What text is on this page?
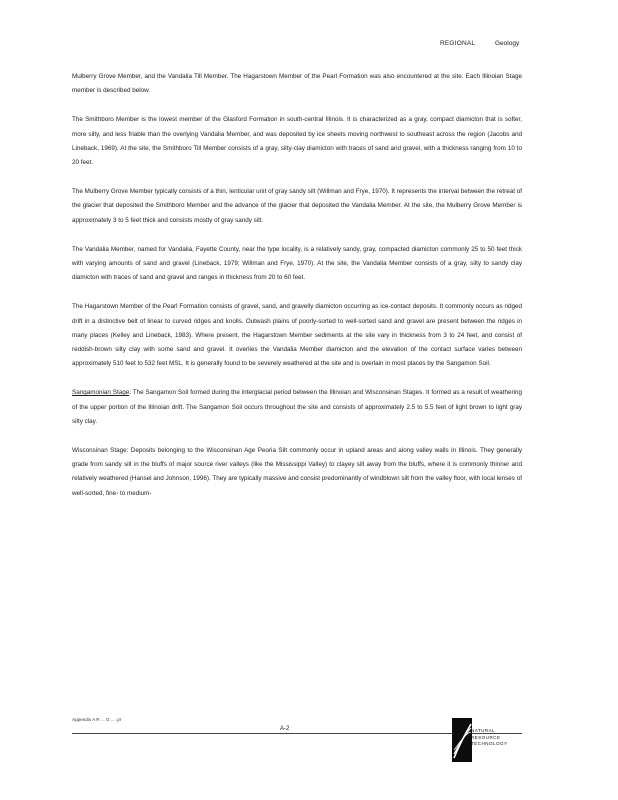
REGIONAL	Geology

Mulberry Grove Member, and the Vandalia Till Member. The Hagarstown Member of the Pearl Formation was also encountered at the site. Each Illinoian Stage member is described below.

The Smithboro Member is the lowest member of the Glasford Formation in south-central Illinois. It is characterized as a gray, compact diamicton that is softer, more silty, and less friable than the overlying Vandalia Member, and was deposited by ice sheets moving northwest to southeast across the region (Jacobs and Lineback, 1969). At the site, the Smithboro Till Member consists of a gray, silty-clay diamicton with traces of sand and gravel, with a thickness ranging from 10 to 20 feet.

The Mulberry Grove Member typically consists of a thin, lenticular unit of gray sandy silt (Willman and Frye, 1970). It represents the interval between the retreat of the glacier that deposited the Smithboro Member and the advance of the glacier that deposited the Vandalia Member. At the site, the Mulberry Grove Member is approximately 3 to 5 feet thick and consists mostly of gray sandy silt.

The Vandalia Member, named for Vandalia, Fayette County, near the type locality, is a relatively sandy, gray, compacted diamicton commonly 25 to 50 feet thick with varying amounts of sand and gravel (Lineback, 1979; Willman and Frye, 1970). At the site, the Vandalia Member consists of a gray, silty to sandy clay diamicton with traces of sand and gravel and ranges in thickness from 20 to 60 feet.

The Hagarstown Member of the Pearl Formation consists of gravel, sand, and gravelly diamicton occurring as ice-contact deposits. It commonly occurs as ridged drift in a distinctive belt of linear to curved ridges and knolls. Outwash plains of poorly-sorted to well-sorted sand and gravel are present between the ridges in many places (Kelley and Lineback, 1983). Where present, the Hagarstown Member sediments at the site vary in thickness from 3 to 24 feet, and consist of reddish-brown silty clay with some sand and gravel. It overlies the Vandalia Member diamicton and the elevation of the contact surface varies between approximately 510 feet to 532 feet MSL. It is generally found to be severely weathered at the site and is overlain in most places by the Sangamon Soil.

Sangamonian Stage: The Sangamon Soil formed during the interglacial period between the Illinoian and Wisconsinan Stages. It formed as a result of weathering of the upper portion of the Illinoian drift. The Sangamon Soil occurs throughout the site and consists of approximately 2.5 to 5.5 feet of light brown to light gray silty clay.

Wisconsinan Stage: Deposits belonging to the Wisconsinan Age Peoria Silt commonly occur in upland areas and along valley walls in Illinois. They generally grade from sandy silt in the bluffs of major source river valleys (like the Mississippi Valley) to clayey silt away from the bluffs, where it is commonly thinner and relatively weathered (Hansel and Johnson, 1996). They are typically massive and consist predominantly of windblown silt from the valley floor, with local lenses of well-sorted, fine- to medium-

Appendix A R ... G ... .pr
A-2	NATURAL
RESOURCE
TECHNOLOGY
